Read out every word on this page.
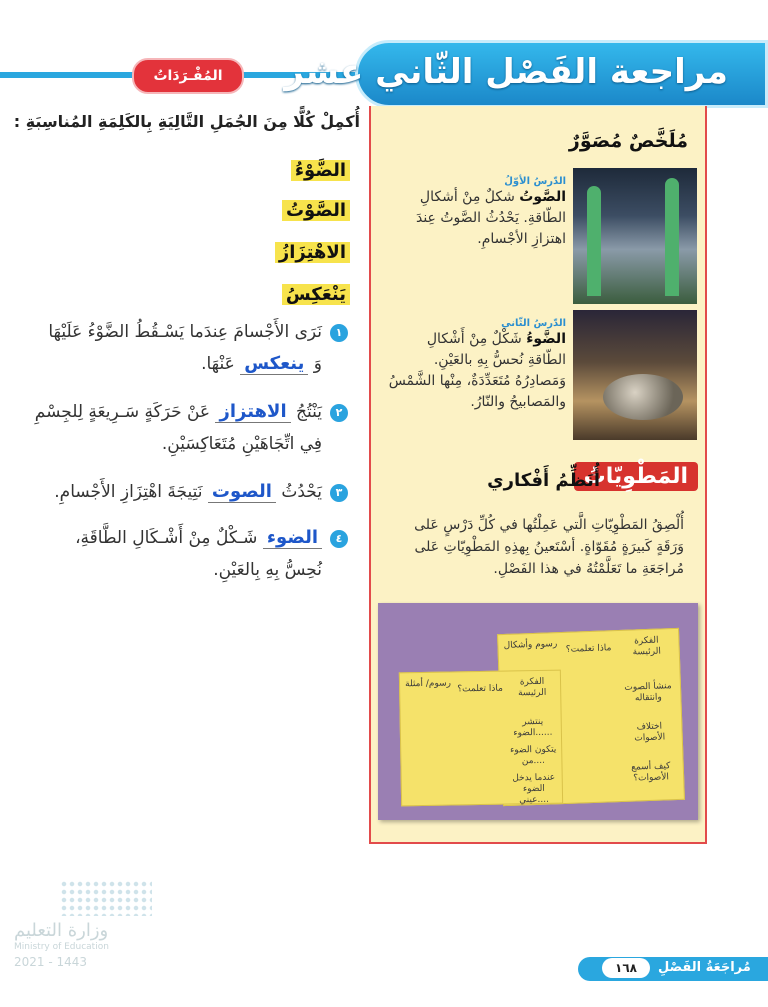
المُفْـرَدَاتُ	مراجعة الفَصْل الثّاني عشر
أُكمِلْ كُلًّا مِنَ الجُمَلِ التَّالِيَةِ بِالكَلِمَةِ المُناسِبَةِ :
الضَّوْءُ
الصَّوْتُ
الاهْتِزَازُ
يَنْعَكِسُ
١
نَرَى الأَجْسامَ عِندَما يَسْـقُطُ الضَّوْءُ عَلَيْهَا
وَ ينعكس عَنْهَا.
٢
يَنْتُجُ الاهتزاز عَنْ حَرَكَةٍ سَـرِيعَةٍ لِلجِسْمِ
فِي اتِّجَاهَيْنِ مُتَعَاكِسَيْنِ.
٣
يَحْدُثُ الصوت نَتِيجَةَ اهْتِزَازِ الأَجْسامِ.
٤
الضوء شَـكْلٌ مِنْ أَشْـكَالِ الطَّاقَةِ،
نُحِسُّ بِهِ بِالعَيْنِ.
مُلَخَّصٌ مُصَوَّرٌ
الدّرسُ الأوّلُ
الصَّوتُ شكلٌ مِنْ أشكالِ الطّاقةِ. يَحْدُثُ الصَّوتُ عِندَ اهتزازِ الأجْسامِ.
الدّرسُ الثّاني
الضَّوءُ شَكْلٌ مِنْ أَشْكالِ الطّاقةِ نُحسُّ بِهِ بالعَيْنِ. وَمَصادِرُهُ مُتَعَدِّدَةٌ، مِنْها الشَّمْسُ والمَصابيحُ والنّارُ.
المَطْوِيّاتُ
أُنَظِّمُ أَفْكاري
أُلْصِقُ المَطْوِيّاتِ الَّتي عَمِلْتُها في كُلِّ دَرْسٍ عَلى وَرَقَةٍ كَبيرَةٍ مُقَوّاةٍ. أسْتَعينُ بِهذِهِ المَطْوِيّاتِ عَلى مُراجَعَةِ ما تَعَلَّمْتُهُ في هذا الفَصْلِ.
الفكرة الرئيسة
ماذا تعلمت؟
رسوم وأشكال
منشأ الصوت وانتقاله
اختلاف الأصوات
كيف أسمع الأصوات؟
الفكرة الرئيسة
ماذا تعلمت؟
رسوم/ أمثلة
ينتشر الضوء......
يتكون الضوء من....
عندما يدخل الضوء عيني....
وزارة التعليم
Ministry of Education
2021 - 1443	١٦٨	مُراجَعَةُ الفَصْلِ
